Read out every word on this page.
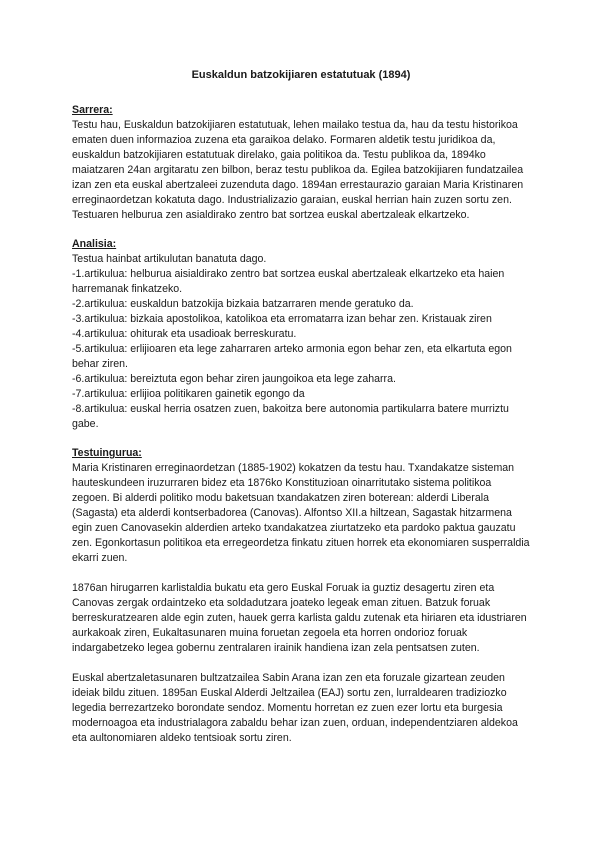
Euskaldun batzokijiaren estatutuak (1894)

Sarrera:

Testu hau, Euskaldun batzokijiaren estatutuak, lehen mailako testua da, hau da testu historikoa ematen duen informazioa zuzena eta garaikoa delako. Formaren aldetik testu juridikoa da, euskaldun batzokijiaren estatutuak direlako, gaia politikoa da. Testu publikoa da, 1894ko maiatzaren 24an argitaratu zen bilbon, beraz testu publikoa da. Egilea batzokijiaren fundatzailea izan zen eta euskal abertzaleei zuzenduta dago. 1894an errestaurazio garaian Maria Kristinaren erreginaordetzan kokatuta dago. Industrializazio garaian, euskal herrian hain zuzen sortu zen. Testuaren helburua zen asialdirako zentro bat sortzea euskal abertzaleak elkartzeko.

Analisia:

Testua hainbat artikulutan banatuta dago.

-1.artikulua: helburua aisialdirako zentro bat sortzea euskal abertzaleak elkartzeko eta haien harremanak finkatzeko.
-2.artikulua: euskaldun batzokija bizkaia batzarraren mende geratuko da.
-3.artikulua: bizkaia apostolikoa, katolikoa eta erromatarra izan behar zen. Kristauak ziren
-4.artikulua: ohiturak eta usadioak berreskuratu.
-5.artikulua: erlijioaren eta lege zaharraren arteko armonia egon behar zen, eta elkartuta egon behar ziren.
-6.artikulua: bereiztuta egon behar ziren jaungoikoa eta lege zaharra.
-7.artikulua: erlijioa politikaren gainetik egongo da
-8.artikulua: euskal herria osatzen zuen, bakoitza bere autonomia partikularra batere murriztu gabe.

Testuingurua:

Maria Kristinaren erreginaordetzan (1885-1902) kokatzen da testu hau. Txandakatze sisteman hauteskundeen iruzurraren bidez eta 1876ko Konstituzioan oinarritutako sistema politikoa zegoen. Bi alderdi politiko modu baketsuan txandakatzen ziren boterean: alderdi Liberala (Sagasta) eta alderdi kontserbadorea (Canovas). Alfontso XII.a hiltzean, Sagastak hitzarmena egin zuen Canovasekin alderdien arteko txandakatzea ziurtatzeko eta pardoko paktua gauzatu zen. Egonkortasun politikoa eta erregeordetza finkatu zituen horrek eta ekonomiaren susperraldia ekarri zuen.

1876an hirugarren karlistaldia bukatu eta gero Euskal Foruak ia guztiz desagertu ziren eta Canovas zergak ordaintzeko eta soldadutzara joateko legeak eman zituen. Batzuk foruak berreskuratzearen alde egin zuten, hauek gerra karlista galdu zutenak eta hiriaren eta idustriaren aurkakoak ziren, Eukaltasunaren muina foruetan zegoela eta horren ondorioz foruak indargabetzeko legea gobernu zentralaren irainik handiena izan zela pentsatsen zuten.

Euskal abertzaletasunaren bultzatzailea Sabin Arana izan zen eta foruzale gizartean zeuden ideiak bildu zituen. 1895an Euskal Alderdi Jeltzailea (EAJ) sortu zen, lurraldearen tradiziozko legedia berrezartzeko borondate sendoz. Momentu horretan ez zuen ezer lortu eta burgesia modernoagoa eta industrialagora zabaldu behar izan zuen, orduan, independentziaren aldekoa eta aultonomiaren aldeko tentsioak sortu ziren.
